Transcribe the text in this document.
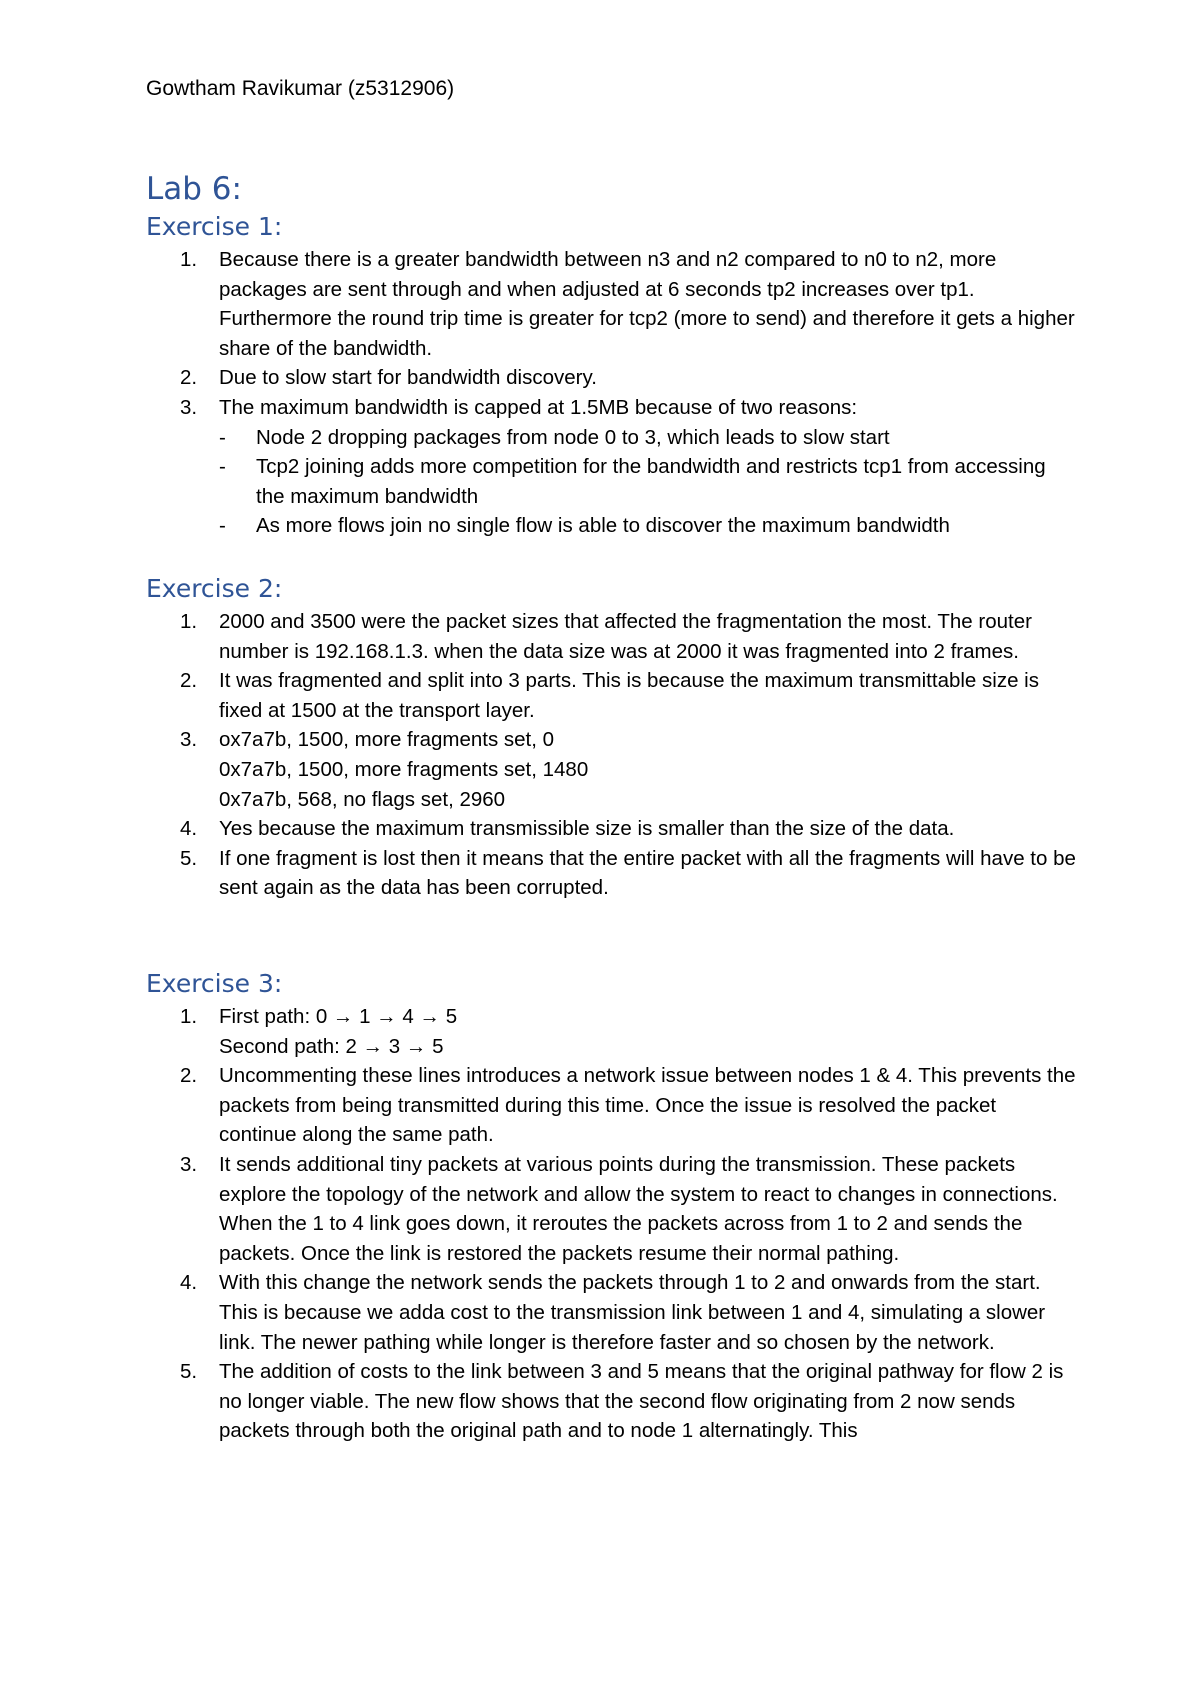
Gowtham Ravikumar (z5312906)
Lab 6:
Exercise 1:
1. Because there is a greater bandwidth between n3 and n2 compared to n0 to n2, more packages are sent through and when adjusted at 6 seconds tp2 increases over tp1. Furthermore the round trip time is greater for tcp2 (more to send) and therefore it gets a higher share of the bandwidth.
2. Due to slow start for bandwidth discovery.
3. The maximum bandwidth is capped at 1.5MB because of two reasons:
- Node 2 dropping packages from node 0 to 3, which leads to slow start
- Tcp2 joining adds more competition for the bandwidth and restricts tcp1 from accessing the maximum bandwidth
- As more flows join no single flow is able to discover the maximum bandwidth
Exercise 2:
1. 2000 and 3500 were the packet sizes that affected the fragmentation the most. The router number is 192.168.1.3. when the data size was at 2000 it was fragmented into 2 frames.
2. It was fragmented and split into 3 parts. This is because the maximum transmittable size is fixed at 1500 at the transport layer.
3. ox7a7b, 1500, more fragments set, 0
0x7a7b, 1500, more fragments set, 1480
0x7a7b, 568, no flags set, 2960
4. Yes because the maximum transmissible size is smaller than the size of the data.
5. If one fragment is lost then it means that the entire packet with all the fragments will have to be sent again as the data has been corrupted.
Exercise 3:
1. First path: 0 → 1 → 4 → 5
Second path: 2 → 3 → 5
2. Uncommenting these lines introduces a network issue between nodes 1 & 4. This prevents the packets from being transmitted during this time. Once the issue is resolved the packet continue along the same path.
3. It sends additional tiny packets at various points during the transmission. These packets explore the topology of the network and allow the system to react to changes in connections. When the 1 to 4 link goes down, it reroutes the packets across from 1 to 2 and sends the packets. Once the link is restored the packets resume their normal pathing.
4. With this change the network sends the packets through 1 to 2 and onwards from the start. This is because we adda cost to the transmission link between 1 and 4, simulating a slower link. The newer pathing while longer is therefore faster and so chosen by the network.
5. The addition of costs to the link between 3 and 5 means that the original pathway for flow 2 is no longer viable. The new flow shows that the second flow originating from 2 now sends packets through both the original path and to node 1 alternatingly. This
